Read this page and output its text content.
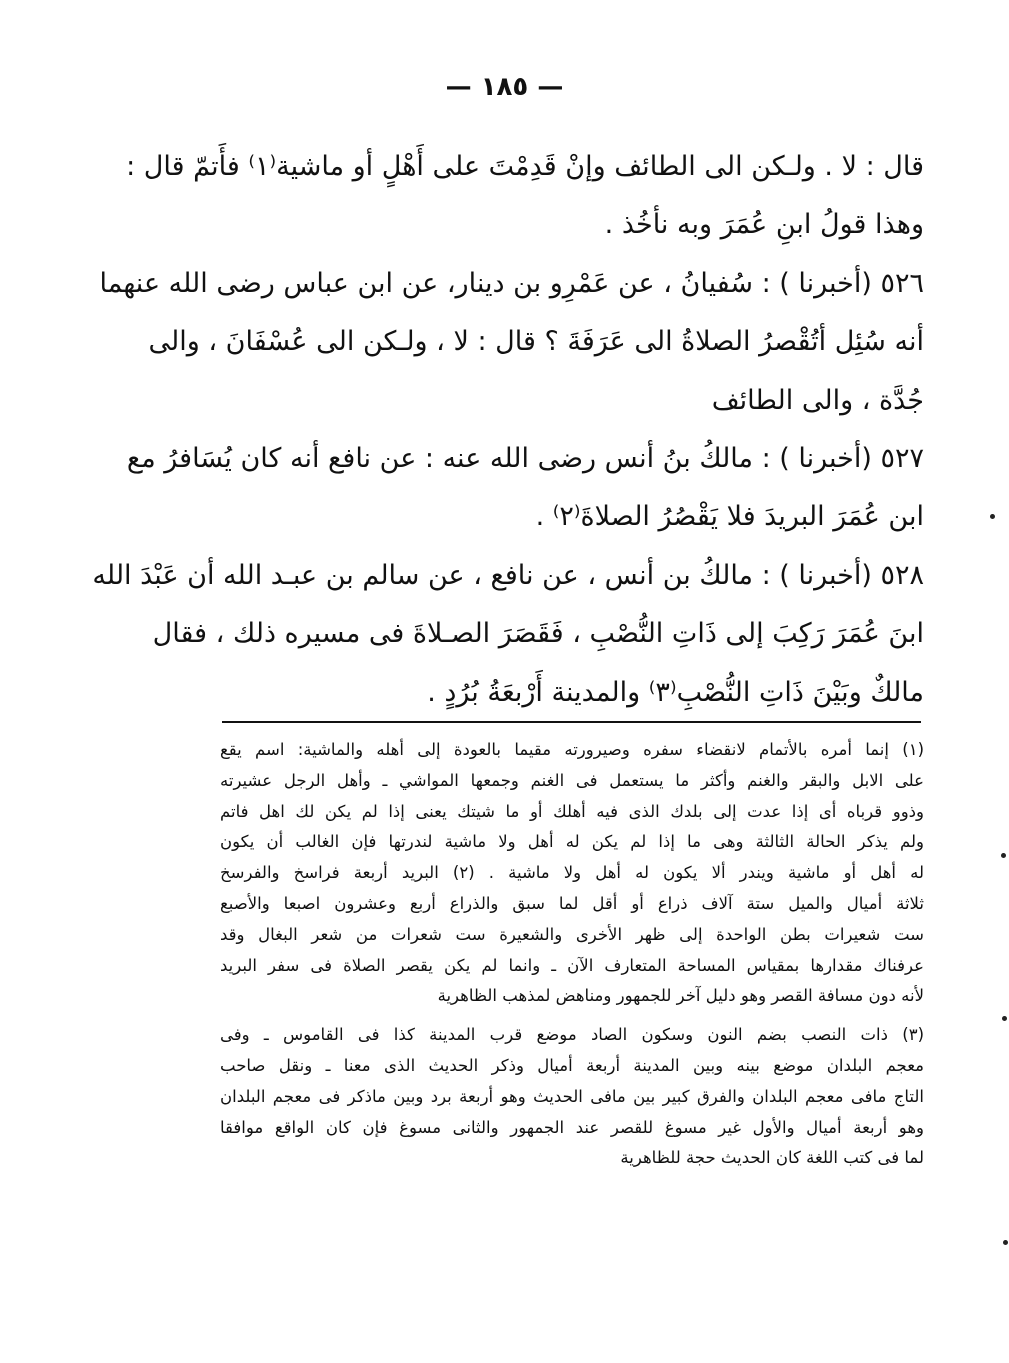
— ١٨٥ —
قال : لا . ولـكن الى الطائف وإنْ قَدِمْتَ على أَهْلٍ أو ماشية⁽١⁾ فأَتمّ قال :
وهذا قولُ ابنِ عُمَرَ وبه نأخُذ .
٥٢٦ (أخبرنا ) : سُفيانُ ، عن عَمْرِو بن دينار، عن ابن عباس رضى الله عنهما
أنه سُئِل أتُقْصرُ الصلاةُ الى عَرَفَةَ ؟ قال : لا ، ولـكن الى عُسْفَانَ ، والى
جُدَّة ، والى الطائف
٥٢٧ (أخبرنا ) : مالكُ بنُ أنس رضى الله عنه : عن نافع أنه كان يُسَافرُ مع
ابن عُمَرَ البريدَ فلا يَقْصُرُ الصلاةَ⁽٢⁾ .
٥٢٨ (أخبرنا ) : مالكُ بن أنس ، عن نافع ، عن سالم بن عبـد الله أن عَبْدَ الله
ابنَ عُمَرَ رَكِبَ إلى ذَاتِ النُّصْبِ ، فَقَصَرَ الصـلاةَ فى مسيره ذلك ، فقال
مالكٌ وبَيْنَ ذَاتِ النُّصْبِ⁽٣⁾ والمدينة أَرْبعَةُ بُرُدٍ .
(١) إنما أمره بالأتمام لانقضاء سفره وصيرورته مقيما بالعودة إلى أهله والماشية: اسم يقع
على الابل والبقر والغنم وأكثر ما يستعمل فى الغنم وجمعها المواشي ـ وأهل الرجل عشيرته
وذوو قرباه أى إذا عدت إلى بلدك الذى فيه أهلك أو ما شيتك يعنى إذا لم يكن لك اهل فاتم
ولم يذكر الحالة الثالثة وهى ما إذا لم يكن له أهل ولا ماشية لندرتها فإن الغالب أن يكون
له أهل أو ماشية ويندر ألا يكون له أهل ولا ماشية . (٢) البريد أربعة فراسخ والفرسخ
ثلاثة أميال والميل ستة آلاف ذراع أو أقل لما سبق والذراع أربع وعشرون اصبعا والأصبع
ست شعيرات بطن الواحدة إلى ظهر الأخرى والشعيرة ست شعرات من شعر البغال وقد
عرفناك مقدارها بمقياس المساحة المتعارف الآن ـ وانما لم يكن يقصر الصلاة فى سفر البريد
لأنه دون مسافة القصر وهو دليل آخر للجمهور ومناهض لمذهب الظاهرية
(٣) ذات النصب بضم النون وسكون الصاد موضع قرب المدينة كذا فى القاموس ـ وفى
معجم البلدان موضع بينه وبين المدينة أربعة أميال وذكر الحديث الذى معنا ـ ونقل صاحب
التاج مافى معجم البلدان والفرق كبير بين مافى الحديث وهو أربعة برد وبين ماذكر فى معجم البلدان
وهو أربعة أميال والأول غير مسوغ للقصر عند الجمهور والثانى مسوغ فإن كان الواقع موافقا
لما فى كتب اللغة كان الحديث حجة للظاهرية
